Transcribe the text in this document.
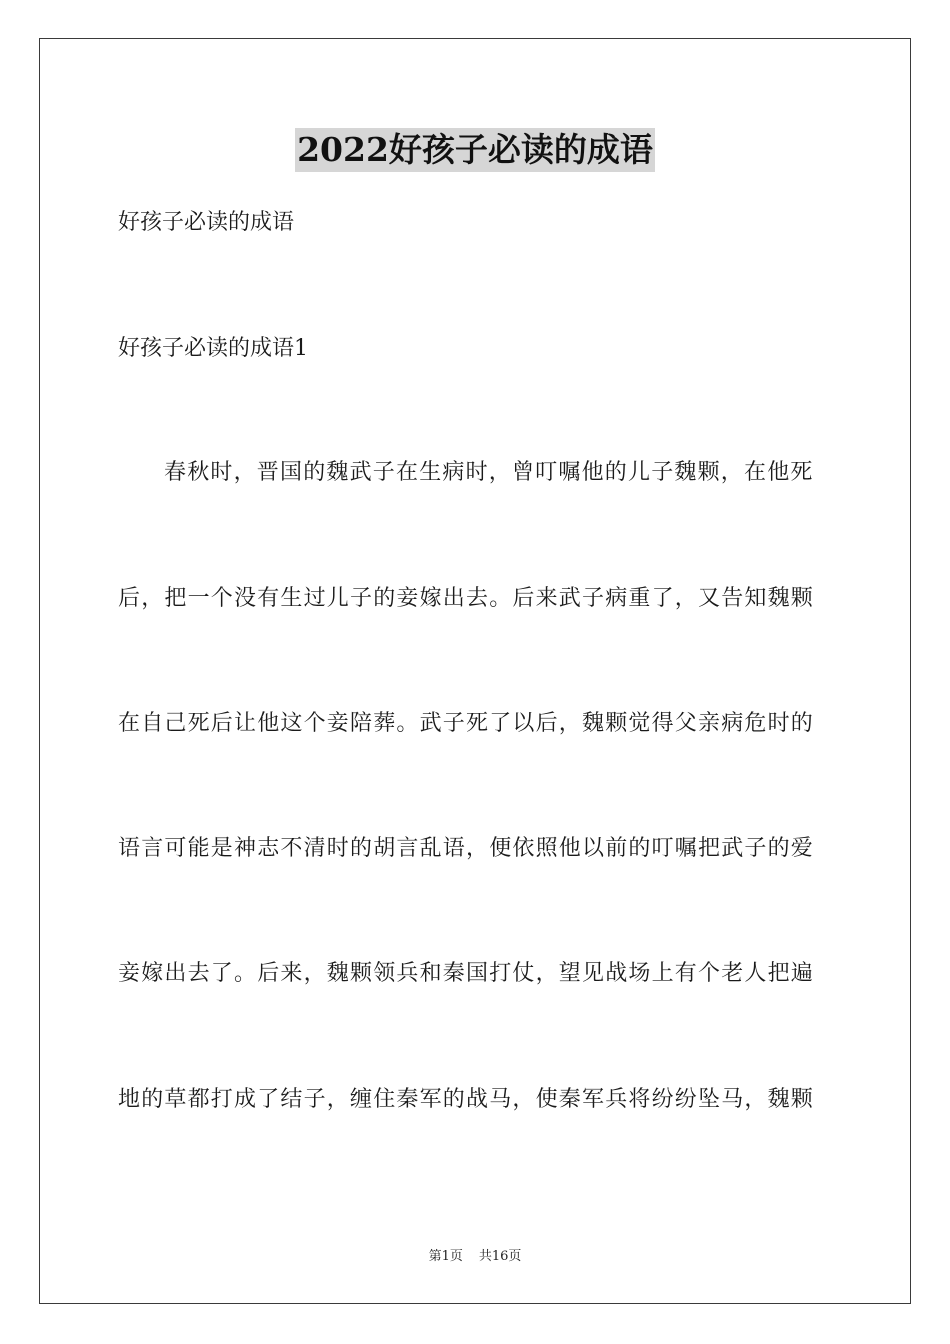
2022好孩子必读的成语

好孩子必读的成语

好孩子必读的成语1

春秋时，晋国的魏武子在生病时，曾叮嘱他的儿子魏颗，在他死

后，把一个没有生过儿子的妾嫁出去。后来武子病重了，又告知魏颗

在自己死后让他这个妾陪葬。武子死了以后，魏颗觉得父亲病危时的

语言可能是神志不清时的胡言乱语，便依照他以前的叮嘱把武子的爱

妾嫁出去了。后来，魏颗领兵和秦国打仗，望见战场上有个老人把遍

地的草都打成了结子，缠住秦军的战马，使秦军兵将纷纷坠马，魏颗

第1页 共16页
